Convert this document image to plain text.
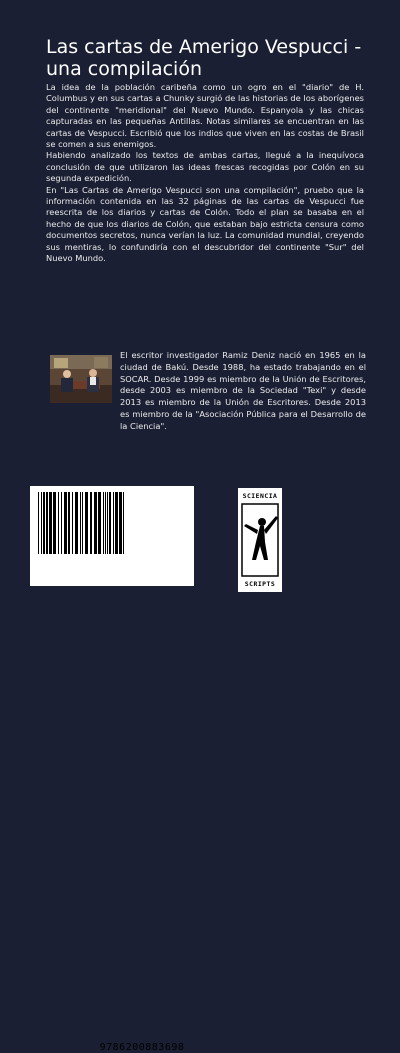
Las cartas de Amerigo Vespucci - una compilación

La idea de la población caribeña como un ogro en el "diario" de H. Columbus y en sus cartas a Chunky surgió de las historias de los aborígenes del continente "meridional" del Nuevo Mundo. Espanyola y las chicas capturadas en las pequeñas Antillas. Notas similares se encuentran en las cartas de Vespucci. Escribió que los indios que viven en las costas de Brasil se comen a sus enemigos.

Habiendo analizado los textos de ambas cartas, llegué a la inequívoca conclusión de que utilizaron las ideas frescas recogidas por Colón en su segunda expedición.

En "Las Cartas de Amerigo Vespucci son una compilación", pruebo que la información contenida en las 32 páginas de las cartas de Vespucci fue reescrita de los diarios y cartas de Colón. Todo el plan se basaba en el hecho de que los diarios de Colón, que estaban bajo estricta censura como documentos secretos, nunca verían la luz. La comunidad mundial, creyendo sus mentiras, lo confundiría con el descubridor del continente "Sur" del Nuevo Mundo.

El escritor investigador Ramiz Deniz nació en 1965 en la ciudad de Bakú. Desde 1988, ha estado trabajando en el SOCAR. Desde 1999 es miembro de la Unión de Escritores, desde 2003 es miembro de la Sociedad "Texi" y desde 2013 es miembro de la Unión de Escritores. Desde 2013 es miembro de la "Asociación Pública para el Desarrollo de la Ciencia".

9786200883698
SCIENCIA
SCRIPTS
